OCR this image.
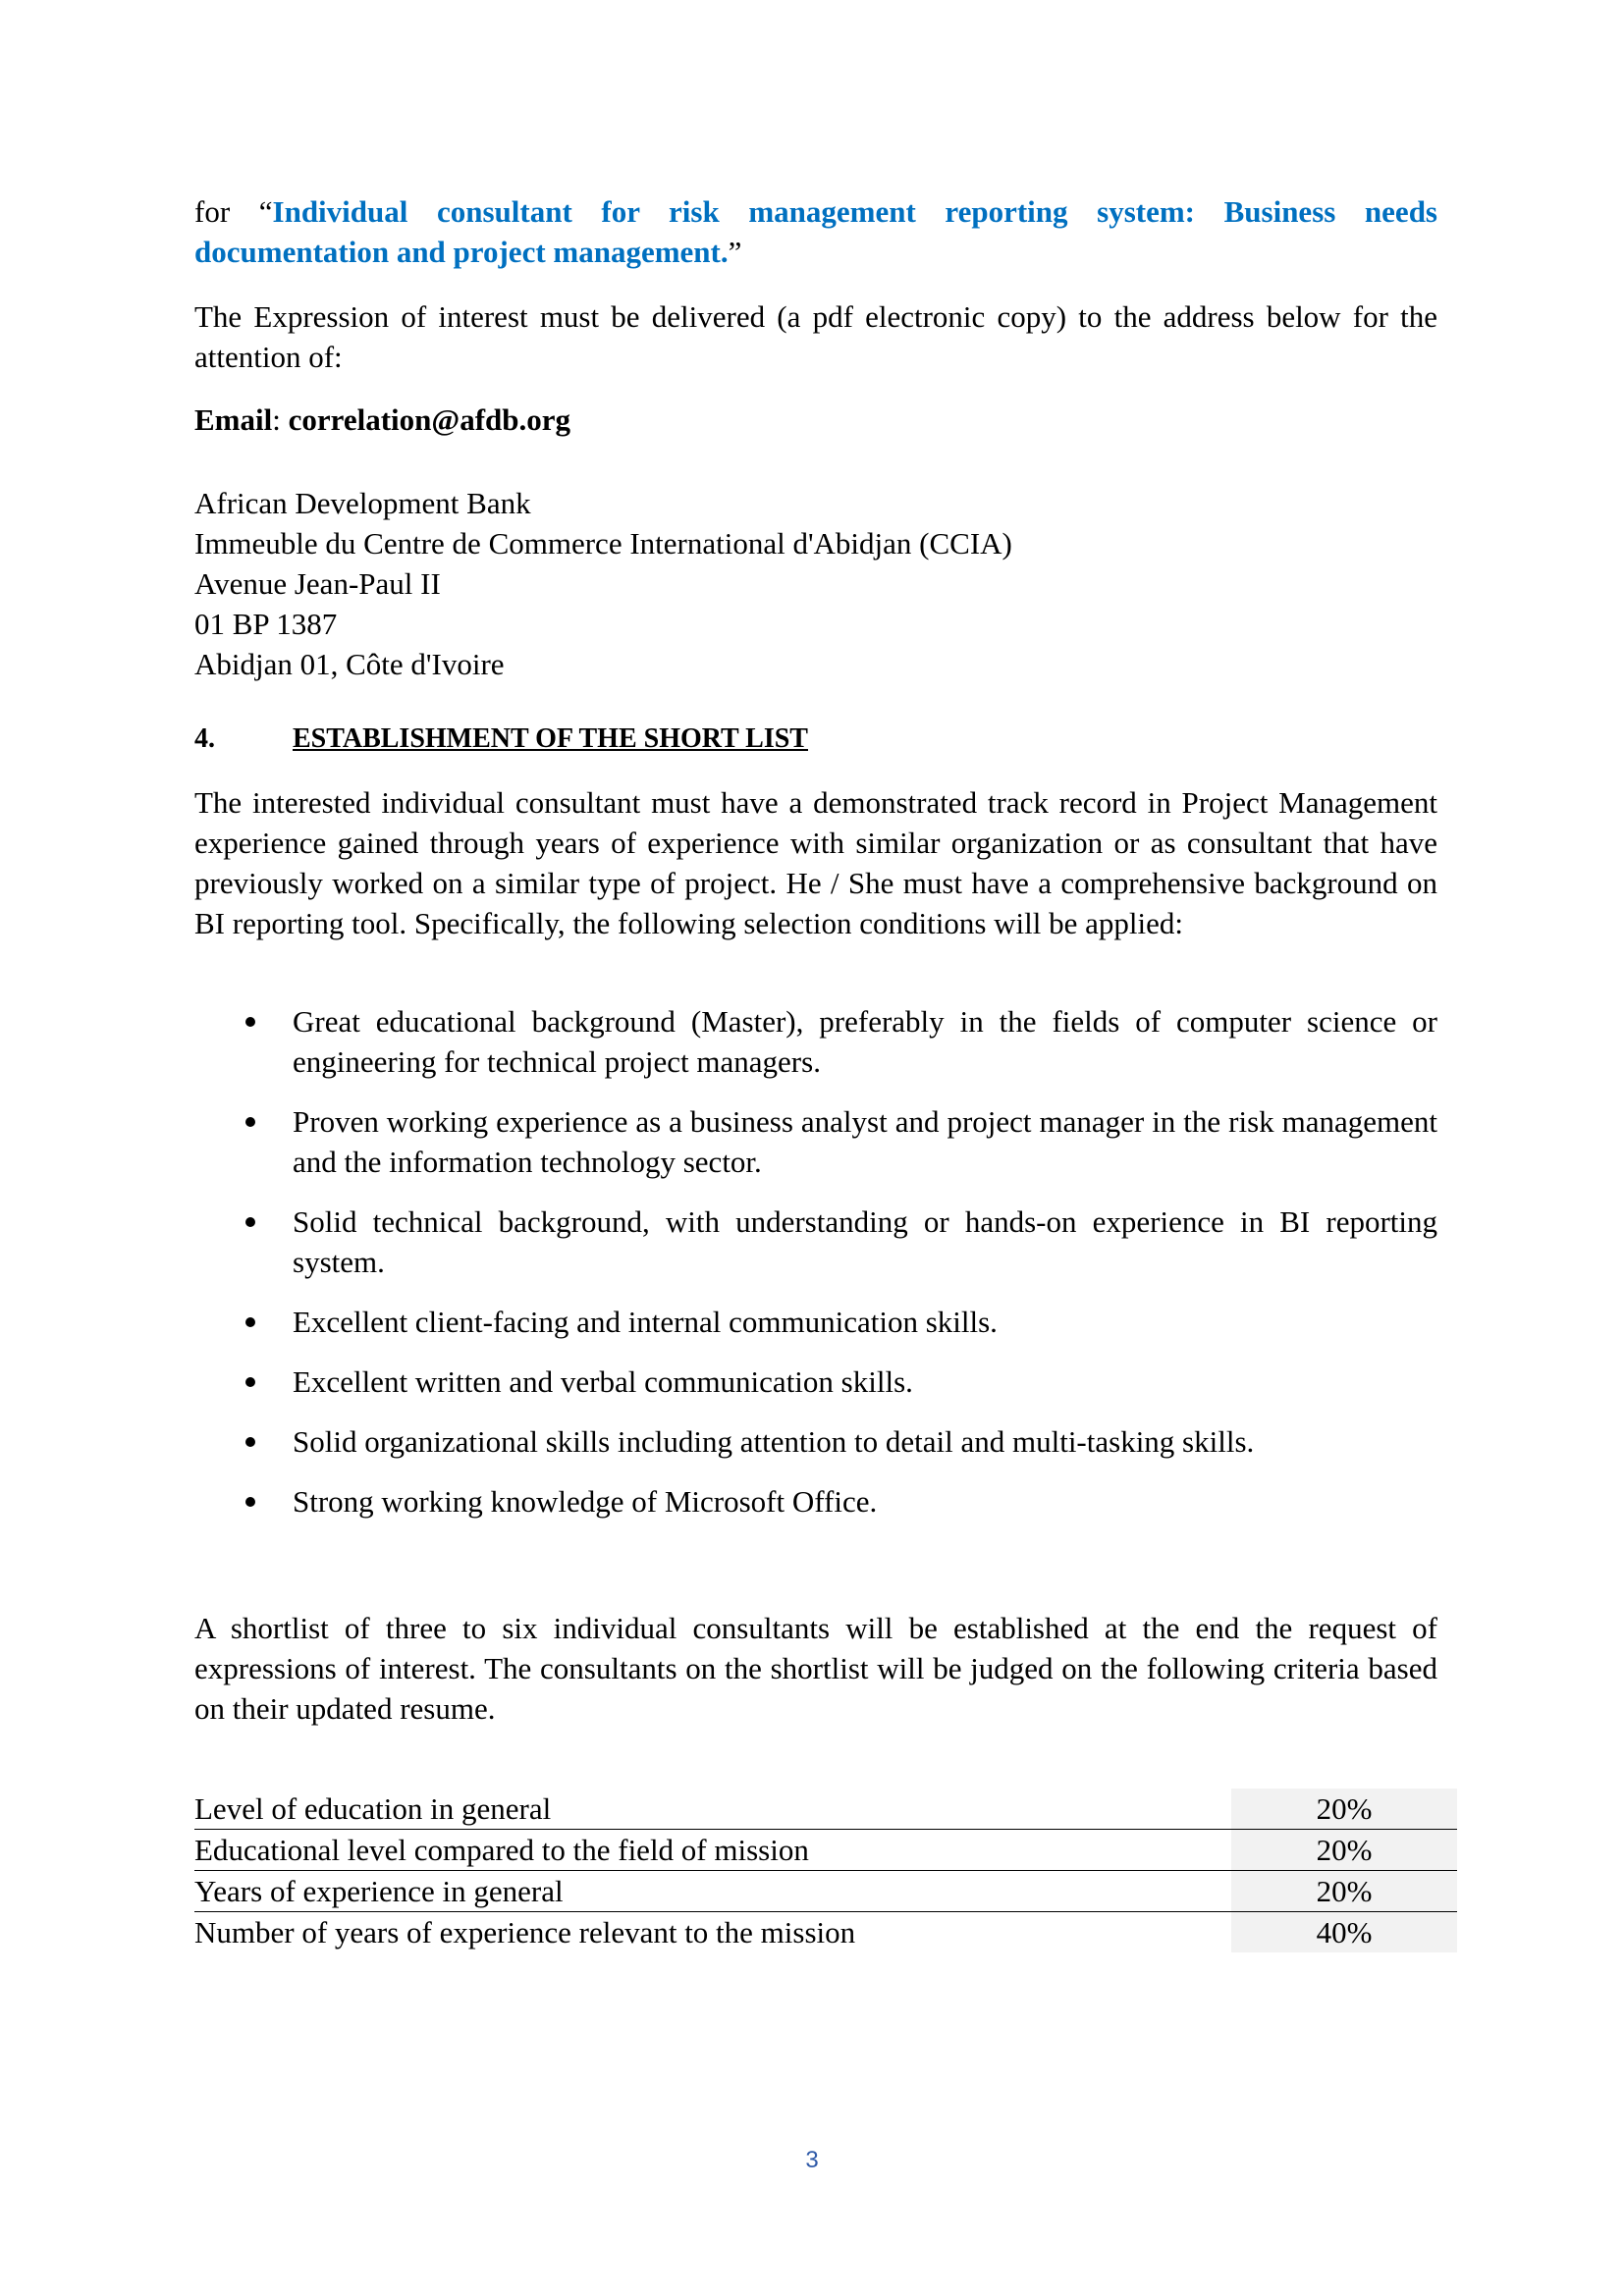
for “Individual consultant for risk management reporting system: Business needs documentation and project management.”

The Expression of interest must be delivered (a pdf electronic copy) to the address below for the attention of:

Email: correlation@afdb.org

African Development Bank

Immeuble du Centre de Commerce International d'Abidjan (CCIA)

Avenue Jean-Paul II

01 BP 1387

Abidjan 01, Côte d'Ivoire

4.	ESTABLISHMENT OF THE SHORT LIST

The interested individual consultant must have a demonstrated track record in Project Management experience gained through years of experience with similar organization or as consultant that have previously worked on a similar type of project. He / She must have a comprehensive background on BI reporting tool. Specifically, the following selection conditions will be applied:

Great educational background (Master), preferably in the fields of computer science or engineering for technical project managers.
Proven working experience as a business analyst and project manager in the risk management and the information technology sector.
Solid technical background, with understanding or hands-on experience in BI reporting system.
Excellent client-facing and internal communication skills.
Excellent written and verbal communication skills.
Solid organizational skills including attention to detail and multi-tasking skills.
Strong working knowledge of Microsoft Office.

A shortlist of three to six individual consultants will be established at the end the request of expressions of interest. The consultants on the shortlist will be judged on the following criteria based on their updated resume.

Level of education in general	20%
Educational level compared to the field of mission	20%
Years of experience in general	20%
Number of years of experience relevant to the mission	40%
3
